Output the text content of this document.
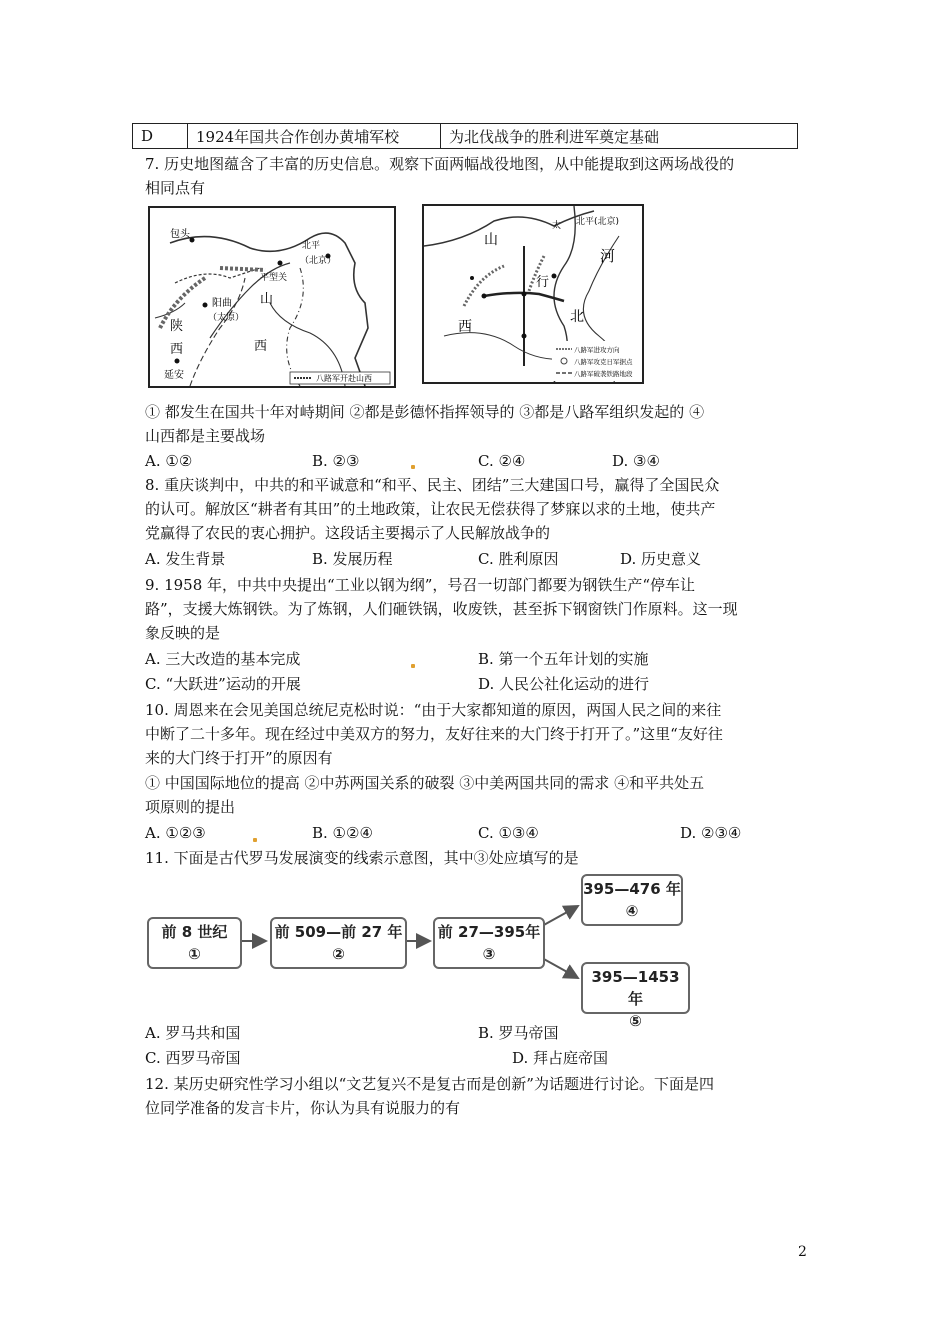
D	1924年国共合作创办黄埔军校	为北伐战争的胜利进军奠定基础
7. 历史地图蕴含了丰富的历史信息。观察下面两幅战役地图，从中能提取到这两场战役的
相同点有
包头
北平
（北京）
平型关
阳曲
（太原）
山
西
陕
西
延安	八路军开赴山西
八路军进攻方向
八路军攻克日军据点
八路军破袭铁路地段
北平(北京)
河
北
山
西
太
行
① 都发生在国共十年对峙期间 ②都是彭德怀指挥领导的 ③都是八路军组织发起的 ④
山西都是主要战场
A. ①②	B. ②③	C. ②④	D. ③④
8. 重庆谈判中，中共的和平诚意和“和平、民主、团结”三大建国口号，赢得了全国民众
的认可。解放区“耕者有其田”的土地政策，让农民无偿获得了梦寐以求的土地，使共产
党赢得了农民的衷心拥护。这段话主要揭示了人民解放战争的
A. 发生背景	B. 发展历程	C. 胜利原因	D. 历史意义
9. 1958 年，中共中央提出“工业以钢为纲”，号召一切部门都要为钢铁生产“停车让
路”，支援大炼钢铁。为了炼钢，人们砸铁锅，收废铁，甚至拆下钢窗铁门作原料。这一现
象反映的是
A. 三大改造的基本完成	B. 第一个五年计划的实施
C. “大跃进”运动的开展	D. 人民公社化运动的进行
10. 周恩来在会见美国总统尼克松时说：“由于大家都知道的原因，两国人民之间的来往
中断了二十多年。现在经过中美双方的努力，友好往来的大门终于打开了。”这里“友好往
来的大门终于打开”的原因有
① 中国国际地位的提高 ②中苏两国关系的破裂 ③中美两国共同的需求 ④和平共处五
项原则的提出
A. ①②③	B. ①②④	C. ①③④	D. ②③④
11. 下面是古代罗马发展演变的线索示意图，其中③处应填写的是
前 8 世纪
①
前 509—前 27 年
②
前 27—395年
③
395—476 年
④
395—1453 年
⑤
A. 罗马共和国	B. 罗马帝国
C. 西罗马帝国	D. 拜占庭帝国
12. 某历史研究性学习小组以“文艺复兴不是复古而是创新”为话题进行讨论。下面是四
位同学准备的发言卡片，你认为具有说服力的有
2
